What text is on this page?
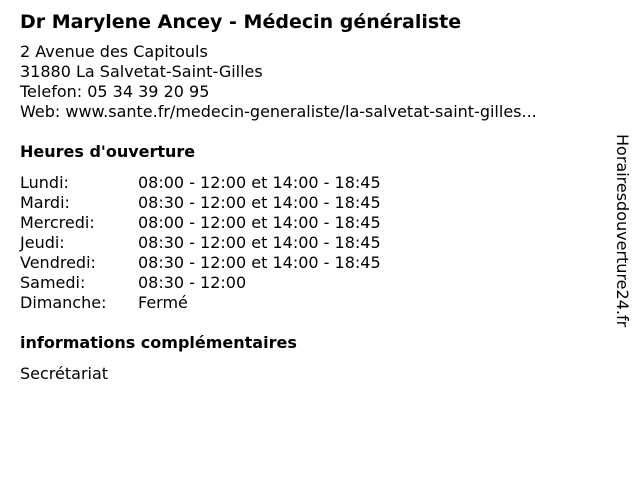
Dr Marylene Ancey - Médecin généraliste
2 Avenue des Capitouls
31880 La Salvetat-Saint-Gilles
Telefon: 05 34 39 20 95
Web: www.sante.fr/medecin-generaliste/la-salvetat-saint-gilles...
Heures d'ouverture
Lundi:	08:00 - 12:00 et 14:00 - 18:45
Mardi:	08:30 - 12:00 et 14:00 - 18:45
Mercredi:	08:00 - 12:00 et 14:00 - 18:45
Jeudi:	08:30 - 12:00 et 14:00 - 18:45
Vendredi:	08:30 - 12:00 et 14:00 - 18:45
Samedi:	08:30 - 12:00
Dimanche:	Fermé
informations complémentaires
Secrétariat
Horairesdouverture24.fr
